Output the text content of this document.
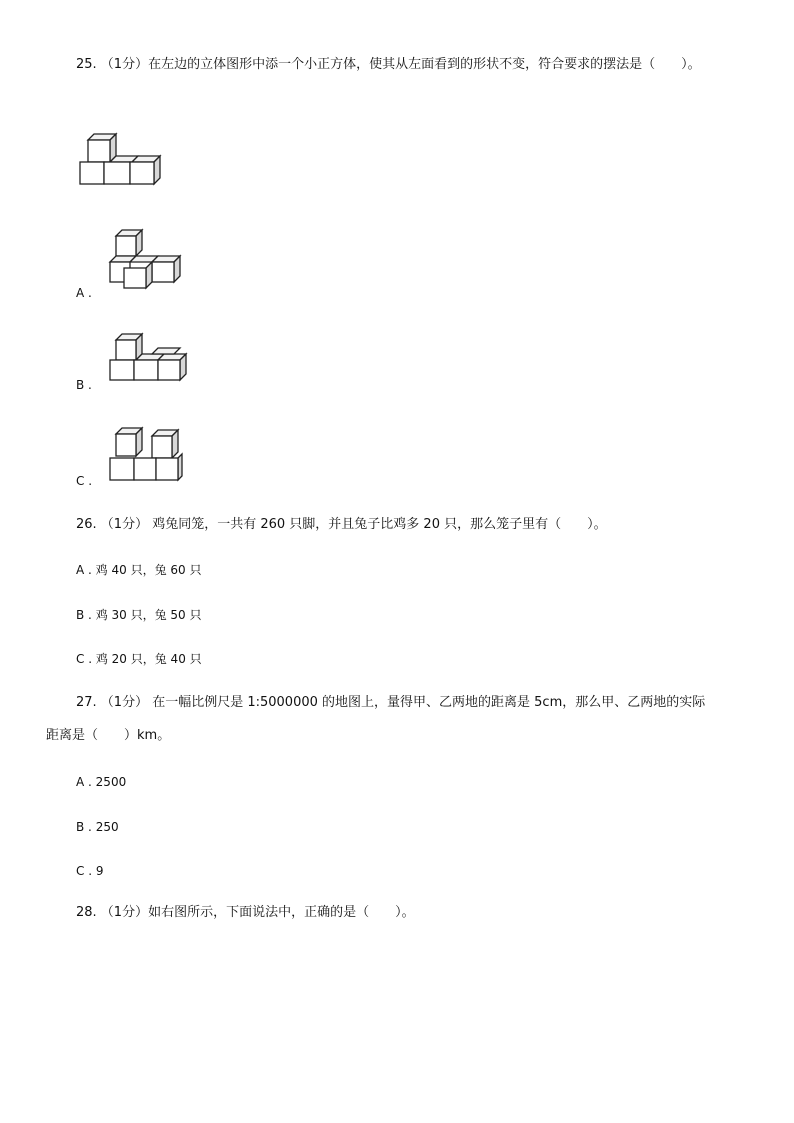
25. （1分）在左边的立体图形中添一个小正方体，使其从左面看到的形状不变，符合要求的摆法是（　　）。
A .
B .
C .
26. （1分） 鸡兔同笼，一共有 260 只脚，并且兔子比鸡多 20 只，那么笼子里有（　　）。
A . 鸡 40 只，兔 60 只
B . 鸡 30 只，兔 50 只
C . 鸡 20 只，兔 40 只
27. （1分） 在一幅比例尺是 1:5000000 的地图上，量得甲、乙两地的距离是 5cm，那么甲、乙两地的实际
距离是（　　）km。
A . 2500
B . 250
C . 9
28. （1分）如右图所示，下面说法中，正确的是（　　）。
